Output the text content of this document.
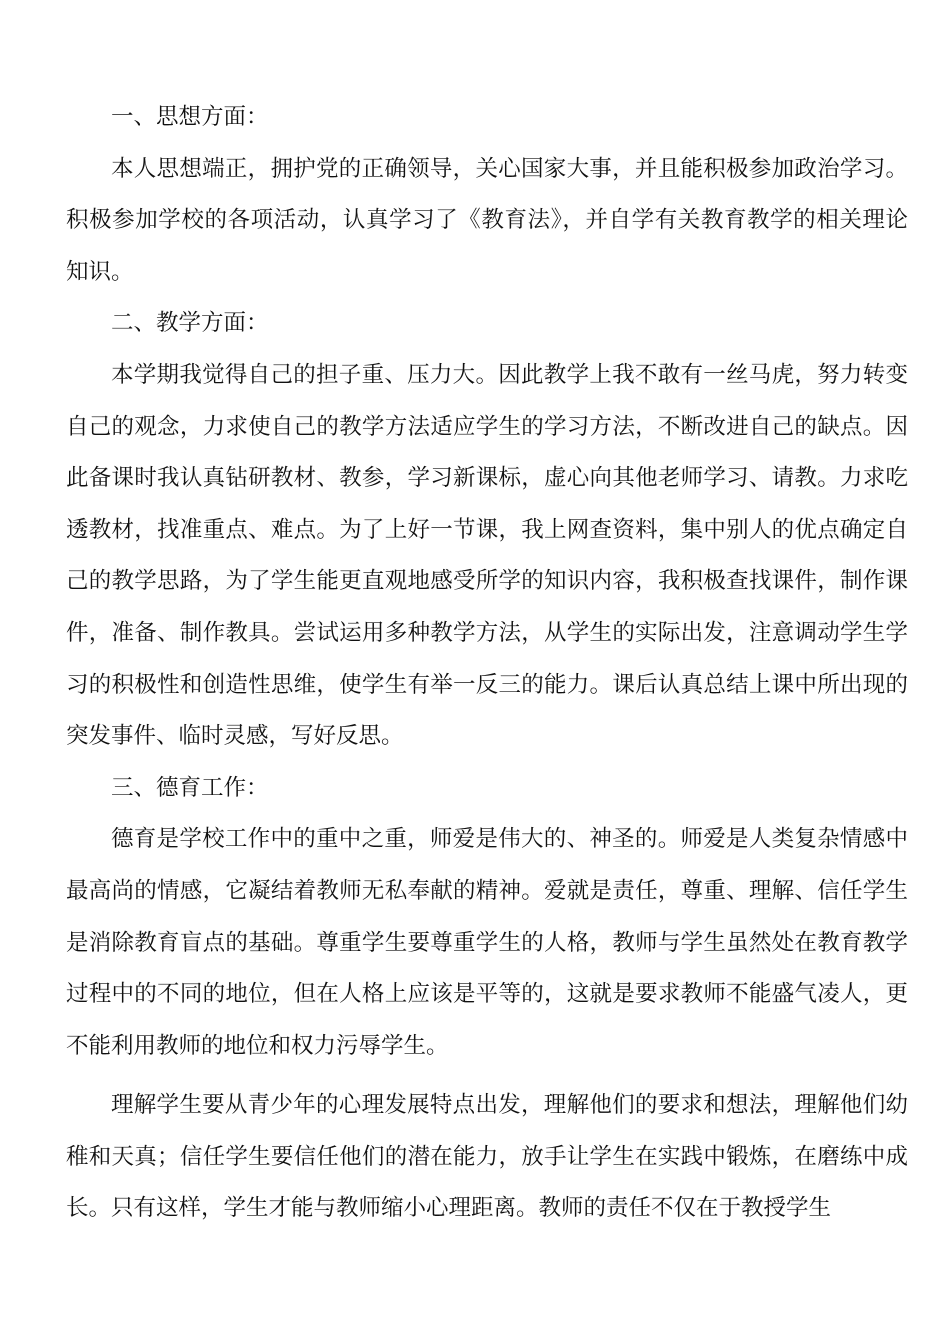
一、思想方面：

本人思想端正，拥护党的正确领导，关心国家大事，并且能积极参加政治学习。积极参加学校的各项活动，认真学习了《教育法》，并自学有关教育教学的相关理论知识。

二、教学方面：

本学期我觉得自己的担子重、压力大。因此教学上我不敢有一丝马虎，努力转变自己的观念，力求使自己的教学方法适应学生的学习方法，不断改进自己的缺点。因此备课时我认真钻研教材、教参，学习新课标，虚心向其他老师学习、请教。力求吃透教材，找准重点、难点。为了上好一节课，我上网查资料，集中别人的优点确定自己的教学思路，为了学生能更直观地感受所学的知识内容，我积极查找课件，制作课件，准备、制作教具。尝试运用多种教学方法，从学生的实际出发，注意调动学生学习的积极性和创造性思维，使学生有举一反三的能力。课后认真总结上课中所出现的突发事件、临时灵感，写好反思。

三、德育工作：

德育是学校工作中的重中之重，师爱是伟大的、神圣的。师爱是人类复杂情感中最高尚的情感，它凝结着教师无私奉献的精神。爱就是责任，尊重、理解、信任学生是消除教育盲点的基础。尊重学生要尊重学生的人格，教师与学生虽然处在教育教学过程中的不同的地位，但在人格上应该是平等的，这就是要求教师不能盛气凌人，更不能利用教师的地位和权力污辱学生。

理解学生要从青少年的心理发展特点出发，理解他们的要求和想法，理解他们幼稚和天真；信任学生要信任他们的潜在能力，放手让学生在实践中锻炼，在磨练中成长。只有这样，学生才能与教师缩小心理距离。教师的责任不仅在于教授学生
